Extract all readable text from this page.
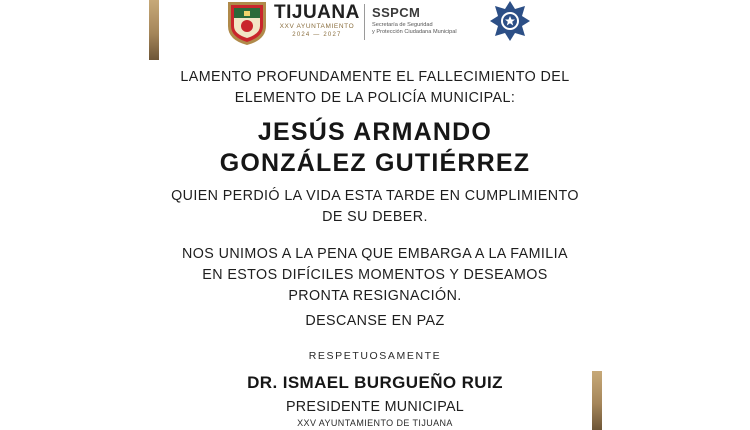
TIJUANA
XXV AYUNTAMIENTO
2024 — 2027
SSPCM
Secretaría de Seguridad
y Protección Ciudadana Municipal
LAMENTO PROFUNDAMENTE EL FALLECIMIENTO DEL
ELEMENTO DE LA POLICÍA MUNICIPAL:
JESÚS ARMANDO
GONZÁLEZ GUTIÉRREZ
QUIEN PERDIÓ LA VIDA ESTA TARDE EN CUMPLIMIENTO
DE SU DEBER.
NOS UNIMOS A LA PENA QUE EMBARGA A LA FAMILIA
EN ESTOS DIFÍCILES MOMENTOS Y DESEAMOS
PRONTA RESIGNACIÓN.
DESCANSE EN PAZ
RESPETUOSAMENTE
DR. ISMAEL BURGUEÑO RUIZ
PRESIDENTE MUNICIPAL
XXV AYUNTAMIENTO DE TIJUANA
